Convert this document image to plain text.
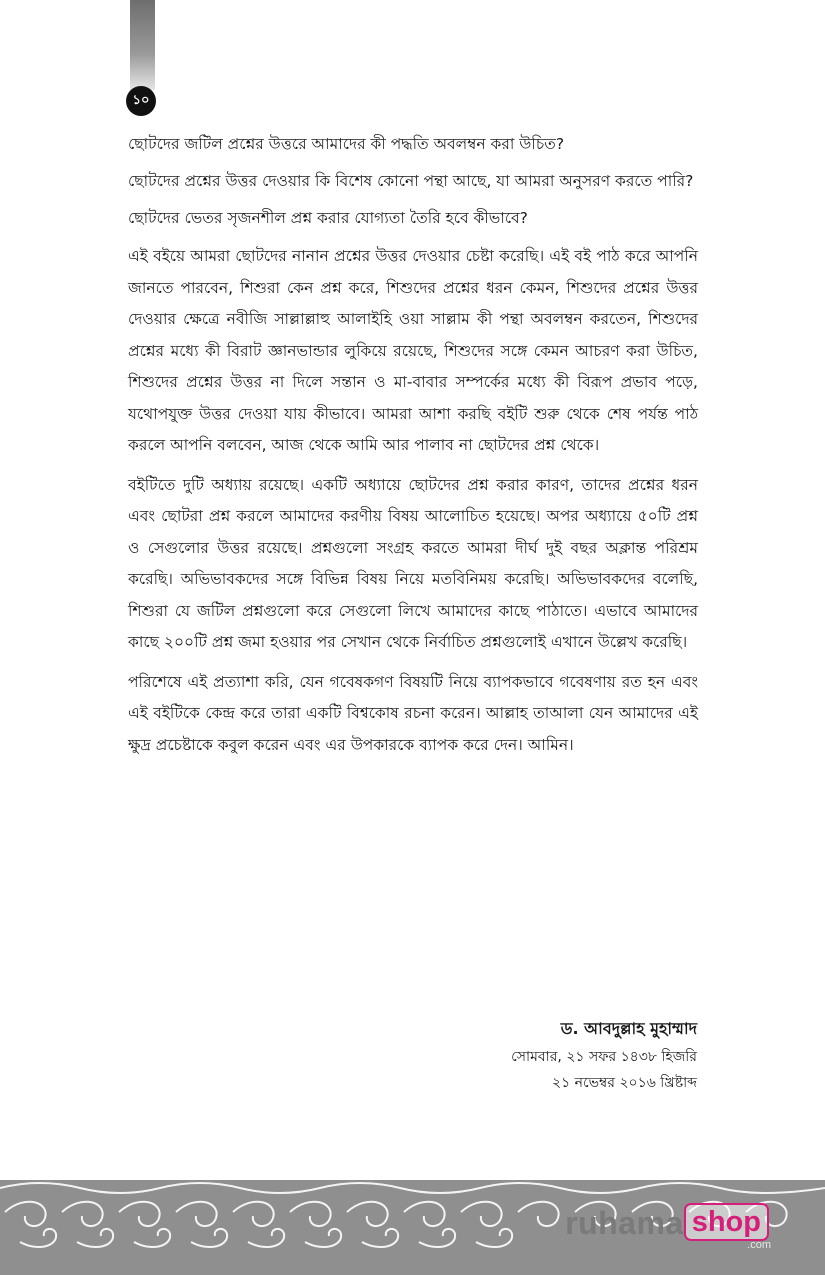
১০

ছোটদের জটিল প্রশ্নের উত্তরে আমাদের কী পদ্ধতি অবলম্বন করা উচিত?

ছোটদের প্রশ্নের উত্তর দেওয়ার কি বিশেষ কোনো পন্থা আছে, যা আমরা অনুসরণ করতে পারি?

ছোটদের ভেতর সৃজনশীল প্রশ্ন করার যোগ্যতা তৈরি হবে কীভাবে?

এই বইয়ে আমরা ছোটদের নানান প্রশ্নের উত্তর দেওয়ার চেষ্টা করেছি। এই বই পাঠ করে আপনি জানতে পারবেন, শিশুরা কেন প্রশ্ন করে, শিশুদের প্রশ্নের ধরন কেমন, শিশুদের প্রশ্নের উত্তর দেওয়ার ক্ষেত্রে নবীজি সাল্লাল্লাহু আলাইহি ওয়া সাল্লাম কী পন্থা অবলম্বন করতেন, শিশুদের প্রশ্নের মধ্যে কী বিরাট জ্ঞানভান্ডার লুকিয়ে রয়েছে, শিশুদের সঙ্গে কেমন আচরণ করা উচিত, শিশুদের প্রশ্নের উত্তর না দিলে সন্তান ও মা-বাবার সম্পর্কের মধ্যে কী বিরূপ প্রভাব পড়ে, যথোপযুক্ত উত্তর দেওয়া যায় কীভাবে। আমরা আশা করছি বইটি শুরু থেকে শেষ পর্যন্ত পাঠ করলে আপনি বলবেন, আজ থেকে আমি আর পালাব না ছোটদের প্রশ্ন থেকে।

বইটিতে দুটি অধ্যায় রয়েছে। একটি অধ্যায়ে ছোটদের প্রশ্ন করার কারণ, তাদের প্রশ্নের ধরন এবং ছোটরা প্রশ্ন করলে আমাদের করণীয় বিষয় আলোচিত হয়েছে। অপর অধ্যায়ে ৫০টি প্রশ্ন ও সেগুলোর উত্তর রয়েছে। প্রশ্নগুলো সংগ্রহ করতে আমরা দীর্ঘ দুই বছর অক্লান্ত পরিশ্রম করেছি। অভিভাবকদের সঙ্গে বিভিন্ন বিষয় নিয়ে মতবিনিময় করেছি। অভিভাবকদের বলেছি, শিশুরা যে জটিল প্রশ্নগুলো করে সেগুলো লিখে আমাদের কাছে পাঠাতে। এভাবে আমাদের কাছে ২০০টি প্রশ্ন জমা হওয়ার পর সেখান থেকে নির্বাচিত প্রশ্নগুলোই এখানে উল্লেখ করেছি।

পরিশেষে এই প্রত্যাশা করি, যেন গবেষকগণ বিষয়টি নিয়ে ব্যাপকভাবে গবেষণায় রত হন এবং এই বইটিকে কেন্দ্র করে তারা একটি বিশ্বকোষ রচনা করেন। আল্লাহ তাআলা যেন আমাদের এই ক্ষুদ্র প্রচেষ্টাকে কবুল করেন এবং এর উপকারকে ব্যাপক করে দেন। আমিন।

ড. আবদুল্লাহ মুহাম্মাদ
সোমবার, ২১ সফর ১৪৩৮ হিজরি
২১ নভেম্বর ২০১৬ খ্রিষ্টাব্দ
ruhama shop
.com
